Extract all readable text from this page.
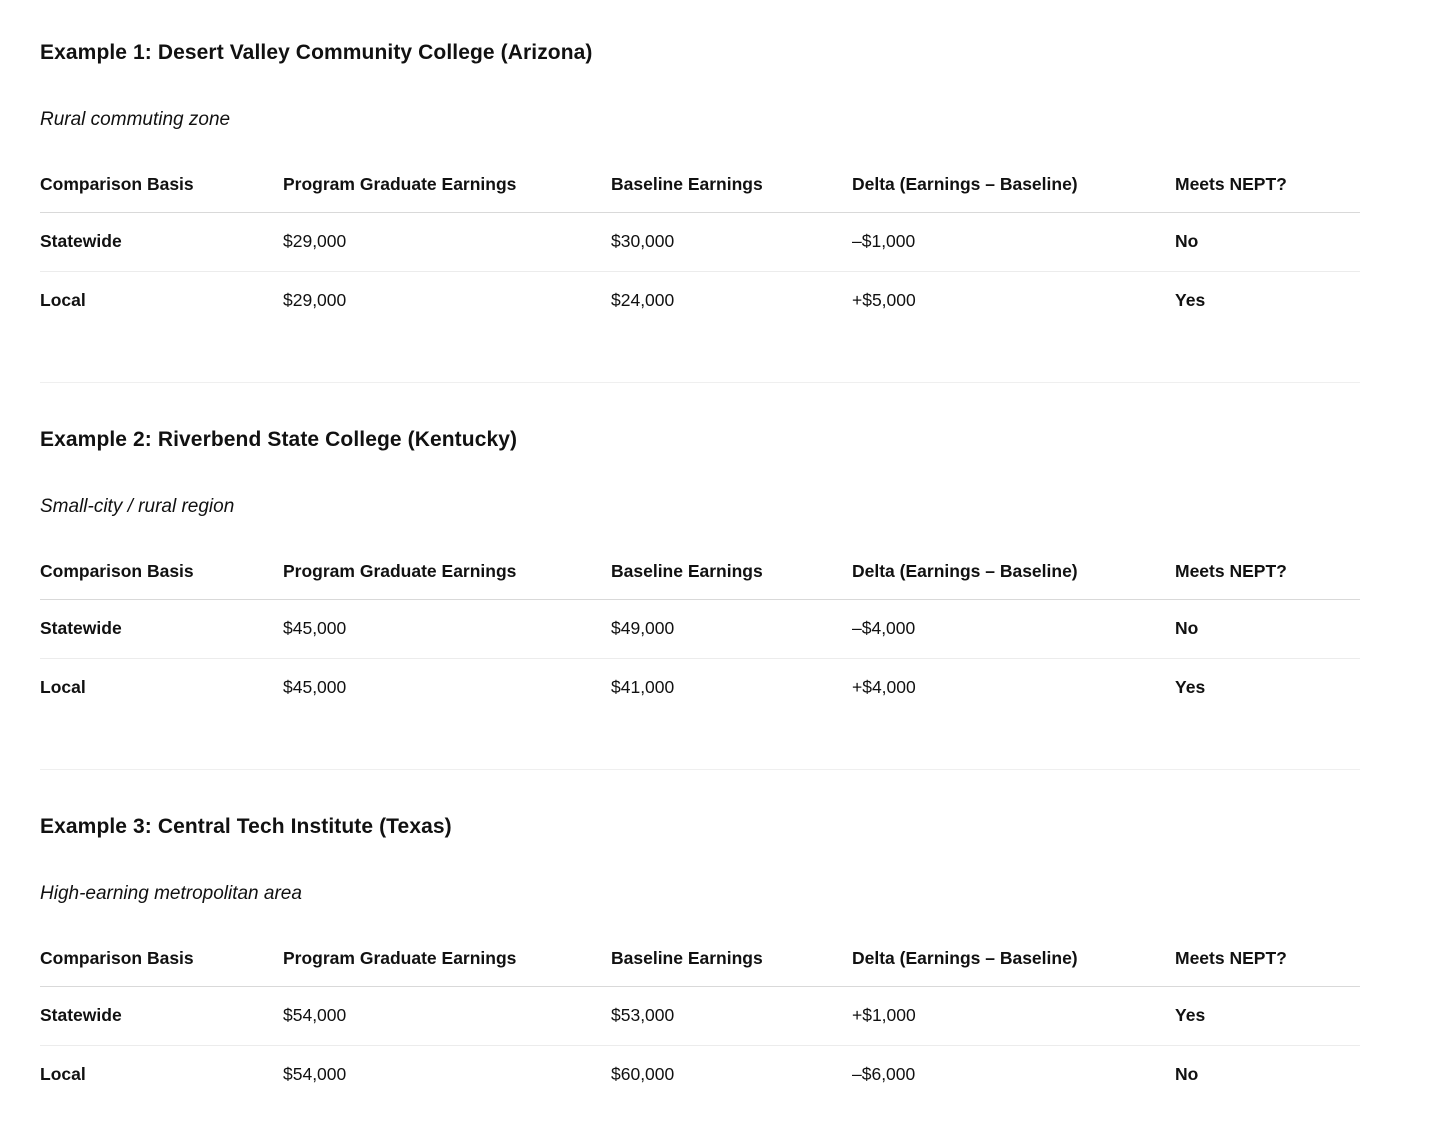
Example 1: Desert Valley Community College (Arizona)

Rural commuting zone

Comparison Basis	Program Graduate Earnings	Baseline Earnings	Delta (Earnings – Baseline)	Meets NEPT?
Statewide	$29,000	$30,000	–$1,000	No
Local	$29,000	$24,000	+$5,000	Yes
Example 2: Riverbend State College (Kentucky)

Small-city / rural region

Comparison Basis	Program Graduate Earnings	Baseline Earnings	Delta (Earnings – Baseline)	Meets NEPT?
Statewide	$45,000	$49,000	–$4,000	No
Local	$45,000	$41,000	+$4,000	Yes
Example 3: Central Tech Institute (Texas)

High-earning metropolitan area

Comparison Basis	Program Graduate Earnings	Baseline Earnings	Delta (Earnings – Baseline)	Meets NEPT?
Statewide	$54,000	$53,000	+$1,000	Yes
Local	$54,000	$60,000	–$6,000	No
